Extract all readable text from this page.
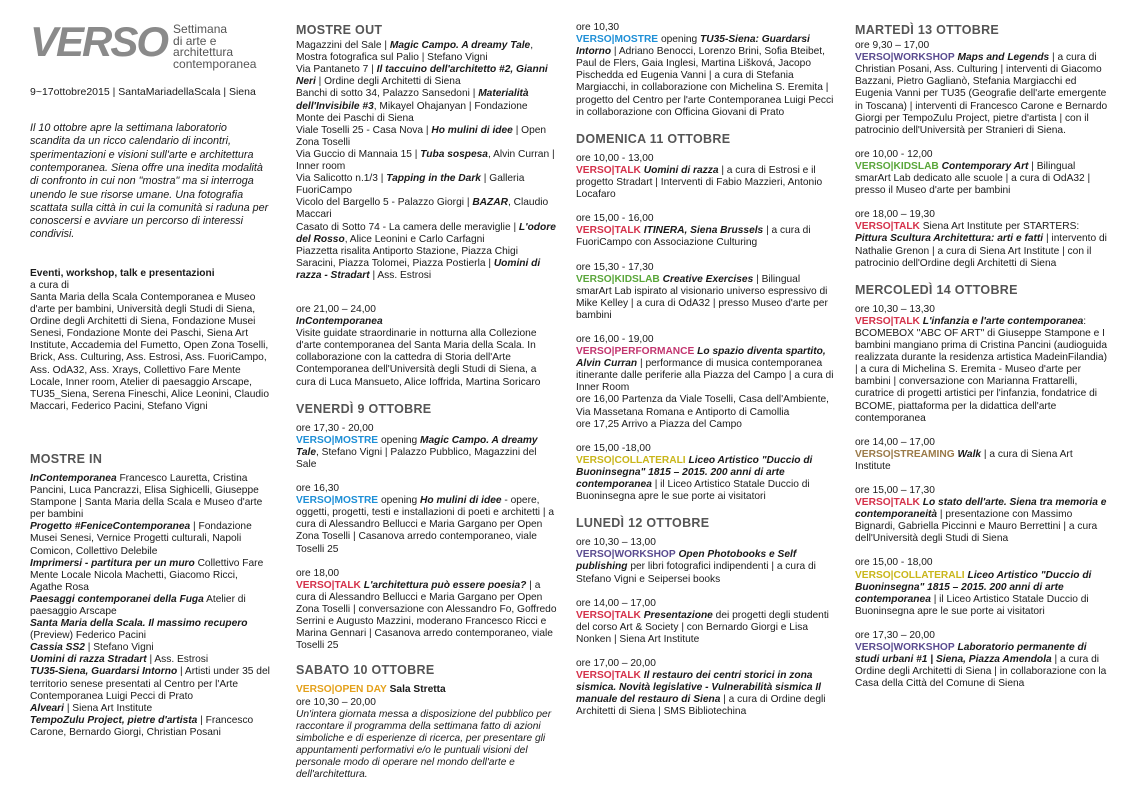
VERSO Settimana
di arte e architettura
contemporanea
9~17ottobre2015 | SantaMariadellaScala | Siena

Il 10 ottobre apre la settimana laboratorio scandita da un ricco calendario di incontri, sperimentazioni e visioni sull'arte e architettura contemporanea. Siena offre una inedita modalità di confronto in cui non "mostra" ma si interroga unendo le sue risorse umane. Una fotografia scattata sulla città in cui la comunità si raduna per conoscersi e avviare un percorso di interessi condivisi.

Eventi, workshop, talk e presentazioni
a cura di
Santa Maria della Scala Contemporanea e Museo d'arte per bambini, Università degli Studi di Siena, Ordine degli Architetti di Siena, Fondazione Musei Senesi, Fondazione Monte dei Paschi, Siena Art Institute, Accademia del Fumetto, Open Zona Toselli, Brick, Ass. Culturing, Ass. Estrosi, Ass. FuoriCampo, Ass. OdA32, Ass. Xrays, Collettivo Fare Mente Locale, Inner room, Atelier di paesaggio Arscape, TU35_Siena, Serena Fineschi, Alice Leonini, Claudio Maccari, Federico Pacini, Stefano Vigni
MOSTRE IN
InContemporanea Francesco Lauretta, Cristina Pancini, Luca Pancrazzi, Elisa Sighicelli, Giuseppe Stampone | Santa Maria della Scala e Museo d'arte per bambini
Progetto #FeniceContemporanea | Fondazione Musei Senesi, Vernice Progetti culturali, Napoli Comicon, Collettivo Delebile
Imprimersi - partitura per un muro Collettivo Fare Mente Locale Nicola Machetti, Giacomo Ricci, Agathe Rosa
Paesaggi contemporanei della Fuga Atelier di paesaggio Arscape
Santa Maria della Scala. Il massimo recupero (Preview) Federico Pacini
Cassia SS2 | Stefano Vigni
Uomini di razza Stradart | Ass. Estrosi
TU35-Siena, Guardarsi Intorno | Artisti under 35 del territorio senese presentati al Centro per l'Arte Contemporanea Luigi Pecci di Prato
Alveari | Siena Art Institute
TempoZulu Project, pietre d'artista | Francesco Carone, Bernardo Giorgi, Christian Posani
MOSTRE OUT
Magazzini del Sale | Magic Campo. A dreamy Tale, Mostra fotografica sul Palio | Stefano Vigni
Via Pantaneto 7 | Il taccuino dell'architetto #2, Gianni Neri | Ordine degli Architetti di Siena
Banchi di sotto 34, Palazzo Sansedoni | Materialità dell'Invisibile #3, Mikayel Ohajanyan | Fondazione Monte dei Paschi di Siena
Viale Toselli 25 - Casa Nova | Ho mulini di idee | Open Zona Toselli
Via Guccio di Mannaia 15 | Tuba sospesa, Alvin Curran | Inner room
Via Salicotto n.1/3 | Tapping in the Dark | Galleria FuoriCampo
Vicolo del Bargello 5 - Palazzo Giorgi | BAZAR, Claudio Maccari
Casato di Sotto 74 - La camera delle meraviglie | L'odore del Rosso, Alice Leonini e Carlo Carfagni
Piazzetta risalita Antiporto Stazione, Piazza Chigi Saracini, Piazza Tolomei, Piazza Postierla | Uomini di razza - Stradart | Ass. Estrosi
ore 21,00 – 24,00
InContemporanea
Visite guidate straordinarie in notturna alla Collezione d'arte contemporanea del Santa Maria della Scala. In collaborazione con la cattedra di Storia dell'Arte Contemporanea dell'Università degli Studi di Siena, a cura di Luca Mansueto, Alice Ioffrida, Martina Soricaro
VENERDÌ 9 OTTOBRE
ore 17,30 - 20,00
VERSO|MOSTRE opening Magic Campo. A dreamy Tale, Stefano Vigni | Palazzo Pubblico, Magazzini del Sale
ore 16,30
VERSO|MOSTRE opening Ho mulini di idee - opere, oggetti, progetti, testi e installazioni di poeti e architetti | a cura di Alessandro Bellucci e Maria Gargano per Open Zona Toselli | Casanova arredo contemporaneo, viale Toselli 25
ore 18,00
VERSO|TALK L'architettura può essere poesia? | a cura di Alessandro Bellucci e Maria Gargano per Open Zona Toselli | conversazione con Alessandro Fo, Goffredo Serrini e Augusto Mazzini, moderano Francesco Ricci e Marina Gennari | Casanova arredo contemporaneo, viale Toselli 25
SABATO 10 OTTOBRE
VERSO|OPEN DAY Sala Stretta
ore 10,30 – 20,00
Un'intera giornata messa a disposizione del pubblico per raccontare il programma della settimana fatto di azioni simboliche e di esperienze di ricerca, per presentare gli appuntamenti performativi e/o le puntuali visioni del personale modo di operare nel mondo dell'arte e dell'architettura.
ore 10,30
VERSO|MOSTRE opening TU35-Siena: Guardarsi Intorno | Adriano Benocci, Lorenzo Brini, Sofia Bteibet, Paul de Flers, Gaia Inglesi, Martina Lišková, Jacopo Pischedda ed Eugenia Vanni | a cura di Stefania Margiacchi, in collaborazione con Michelina S. Eremita | progetto del Centro per l'arte Contemporanea Luigi Pecci in collaborazione con Officina Giovani di Prato
DOMENICA 11 OTTOBRE
ore 10,00 - 13,00
VERSO|TALK Uomini di razza | a cura di Estrosi e il progetto Stradart | Interventi di Fabio Mazzieri, Antonio Locafaro
ore 15,00 - 16,00
VERSO|TALK ITINERA, Siena Brussels | a cura di FuoriCampo con Associazione Culturing
ore 15,30 - 17,30
VERSO|KIDSLAB Creative Exercises | Bilingual smarArt Lab ispirato al visionario universo espressivo di Mike Kelley | a cura di OdA32 | presso Museo d'arte per bambini
ore 16,00 - 19,00
VERSO|PERFORMANCE Lo spazio diventa spartito, Alvin Curran | performance di musica contemporanea itinerante dalle periferie alla Piazza del Campo | a cura di Inner Room
ore 16,00 Partenza da Viale Toselli, Casa dell'Ambiente, Via Massetana Romana e Antiporto di Camollia
ore 17,25 Arrivo a Piazza del Campo
ore 15,00 -18,00
VERSO|COLLATERALI Liceo Artistico "Duccio di Buoninsegna" 1815 – 2015. 200 anni di arte contemporanea | il Liceo Artistico Statale Duccio di Buoninsegna apre le sue porte ai visitatori
LUNEDÌ 12 OTTOBRE
ore 10,30 – 13,00
VERSO|WORKSHOP Open Photobooks e Self publishing per libri fotografici indipendenti | a cura di Stefano Vigni e Seipersei books
ore 14,00 – 17,00
VERSO|TALK Presentazione dei progetti degli studenti del corso Art & Society | con Bernardo Giorgi e Lisa Nonken | Siena Art Institute
ore 17,00 – 20,00
VERSO|TALK Il restauro dei centri storici in zona sismica. Novità legislative - Vulnerabilità sismica Il manuale del restauro di Siena | a cura di Ordine degli Architetti di Siena | SMS Bibliotechina
MARTEDÌ 13 OTTOBRE
ore 9,30 – 17,00
VERSO|WORKSHOP Maps and Legends | a cura di Christian Posani, Ass. Culturing | interventi di Giacomo Bazzani, Pietro Gaglianò, Stefania Margiacchi ed Eugenia Vanni per TU35 (Geografie dell'arte emergente in Toscana) | interventi di Francesco Carone e Bernardo Giorgi per TempoZulu Project, pietre d'artista | con il patrocinio dell'Università per Stranieri di Siena.
ore 10,00 - 12,00
VERSO|KIDSLAB Contemporary Art | Bilingual smarArt Lab dedicato alle scuole | a cura di OdA32 | presso il Museo d'arte per bambini
ore 18,00 – 19,30
VERSO|TALK Siena Art Institute per STARTERS: Pittura Scultura Architettura: arti e fatti | intervento di Nathalie Grenon | a cura di Siena Art Institute | con il patrocinio dell'Ordine degli Architetti di Siena
MERCOLEDÌ 14 OTTOBRE
ore 10,30 – 13,30
VERSO|TALK L'infanzia e l'arte contemporanea: BCOMEBOX "ABC OF ART" di Giuseppe Stampone e I bambini mangiano prima di Cristina Pancini (audioguida realizzata durante la residenza artistica MadeinFilandia) | a cura di Michelina S. Eremita - Museo d'arte per bambini | conversazione con Marianna Frattarelli, curatrice di progetti artistici per l'infanzia, fondatrice di BCOME, piattaforma per la didattica dell'arte contemporanea
ore 14,00 – 17,00
VERSO|STREAMING Walk | a cura di Siena Art Institute
ore 15,00 – 17,30
VERSO|TALK Lo stato dell'arte. Siena tra memoria e contemporaneità | presentazione con Massimo Bignardi, Gabriella Piccinni e Mauro Berrettini | a cura dell'Università degli Studi di Siena
ore 15,00 - 18,00
VERSO|COLLATERALI Liceo Artistico "Duccio di Buoninsegna" 1815 – 2015. 200 anni di arte contemporanea | il Liceo Artistico Statale Duccio di Buoninsegna apre le sue porte ai visitatori
ore 17,30 – 20,00
VERSO|WORKSHOP Laboratorio permanente di studi urbani #1 | Siena, Piazza Amendola | a cura di Ordine degli Architetti di Siena | in collaborazione con la Casa della Città del Comune di Siena
